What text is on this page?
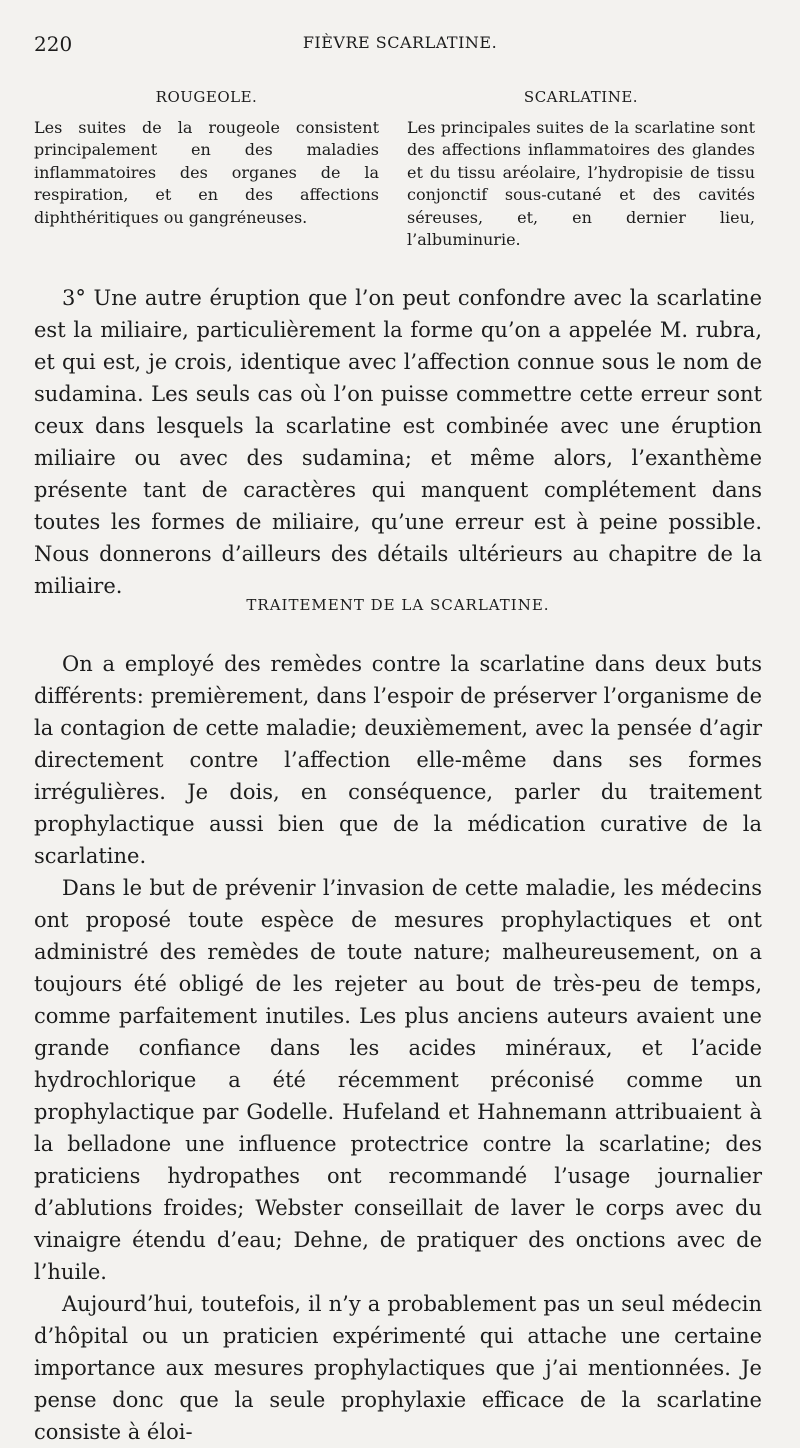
220	FIÈVRE SCARLATINE.
ROUGEOLE.

Les suites de la rougeole consistent principalement en des maladies inflammatoires des organes de la respiration, et en des affections diphthéritiques ou gangréneuses.

SCARLATINE.

Les principales suites de la scarlatine sont des affections inflammatoires des glandes et du tissu aréolaire, l’hydropisie de tissu conjonctif sous-cutané et des cavités séreuses, et, en dernier lieu, l’albuminurie.

3° Une autre éruption que l’on peut confondre avec la scarlatine est la miliaire, particulièrement la forme qu’on a appelée M. rubra, et qui est, je crois, identique avec l’affection connue sous le nom de sudamina. Les seuls cas où l’on puisse commettre cette erreur sont ceux dans lesquels la scarlatine est combinée avec une éruption miliaire ou avec des sudamina; et même alors, l’exanthème présente tant de caractères qui manquent complétement dans toutes les formes de miliaire, qu’une erreur est à peine possible. Nous donnerons d’ailleurs des détails ultérieurs au chapitre de la miliaire.

TRAITEMENT DE LA SCARLATINE.

On a employé des remèdes contre la scarlatine dans deux buts différents: premièrement, dans l’espoir de préserver l’organisme de la contagion de cette maladie; deuxièmement, avec la pensée d’agir directement contre l’affection elle-même dans ses formes irrégulières. Je dois, en conséquence, parler du traitement prophylactique aussi bien que de la médication curative de la scarlatine.

Dans le but de prévenir l’invasion de cette maladie, les médecins ont proposé toute espèce de mesures prophylactiques et ont administré des remèdes de toute nature; malheureusement, on a toujours été obligé de les rejeter au bout de très-peu de temps, comme parfaitement inutiles. Les plus anciens auteurs avaient une grande confiance dans les acides minéraux, et l’acide hydrochlorique a été récemment préconisé comme un prophylactique par Godelle. Hufeland et Hahnemann attribuaient à la belladone une influence protectrice contre la scarlatine; des praticiens hydropathes ont recommandé l’usage journalier d’ablutions froides; Webster conseillait de laver le corps avec du vinaigre étendu d’eau; Dehne, de pratiquer des onctions avec de l’huile.

Aujourd’hui, toutefois, il n’y a probablement pas un seul médecin d’hôpital ou un praticien expérimenté qui attache une certaine importance aux mesures prophylactiques que j’ai mentionnées. Je pense donc que la seule prophylaxie efficace de la scarlatine consiste à éloi-
